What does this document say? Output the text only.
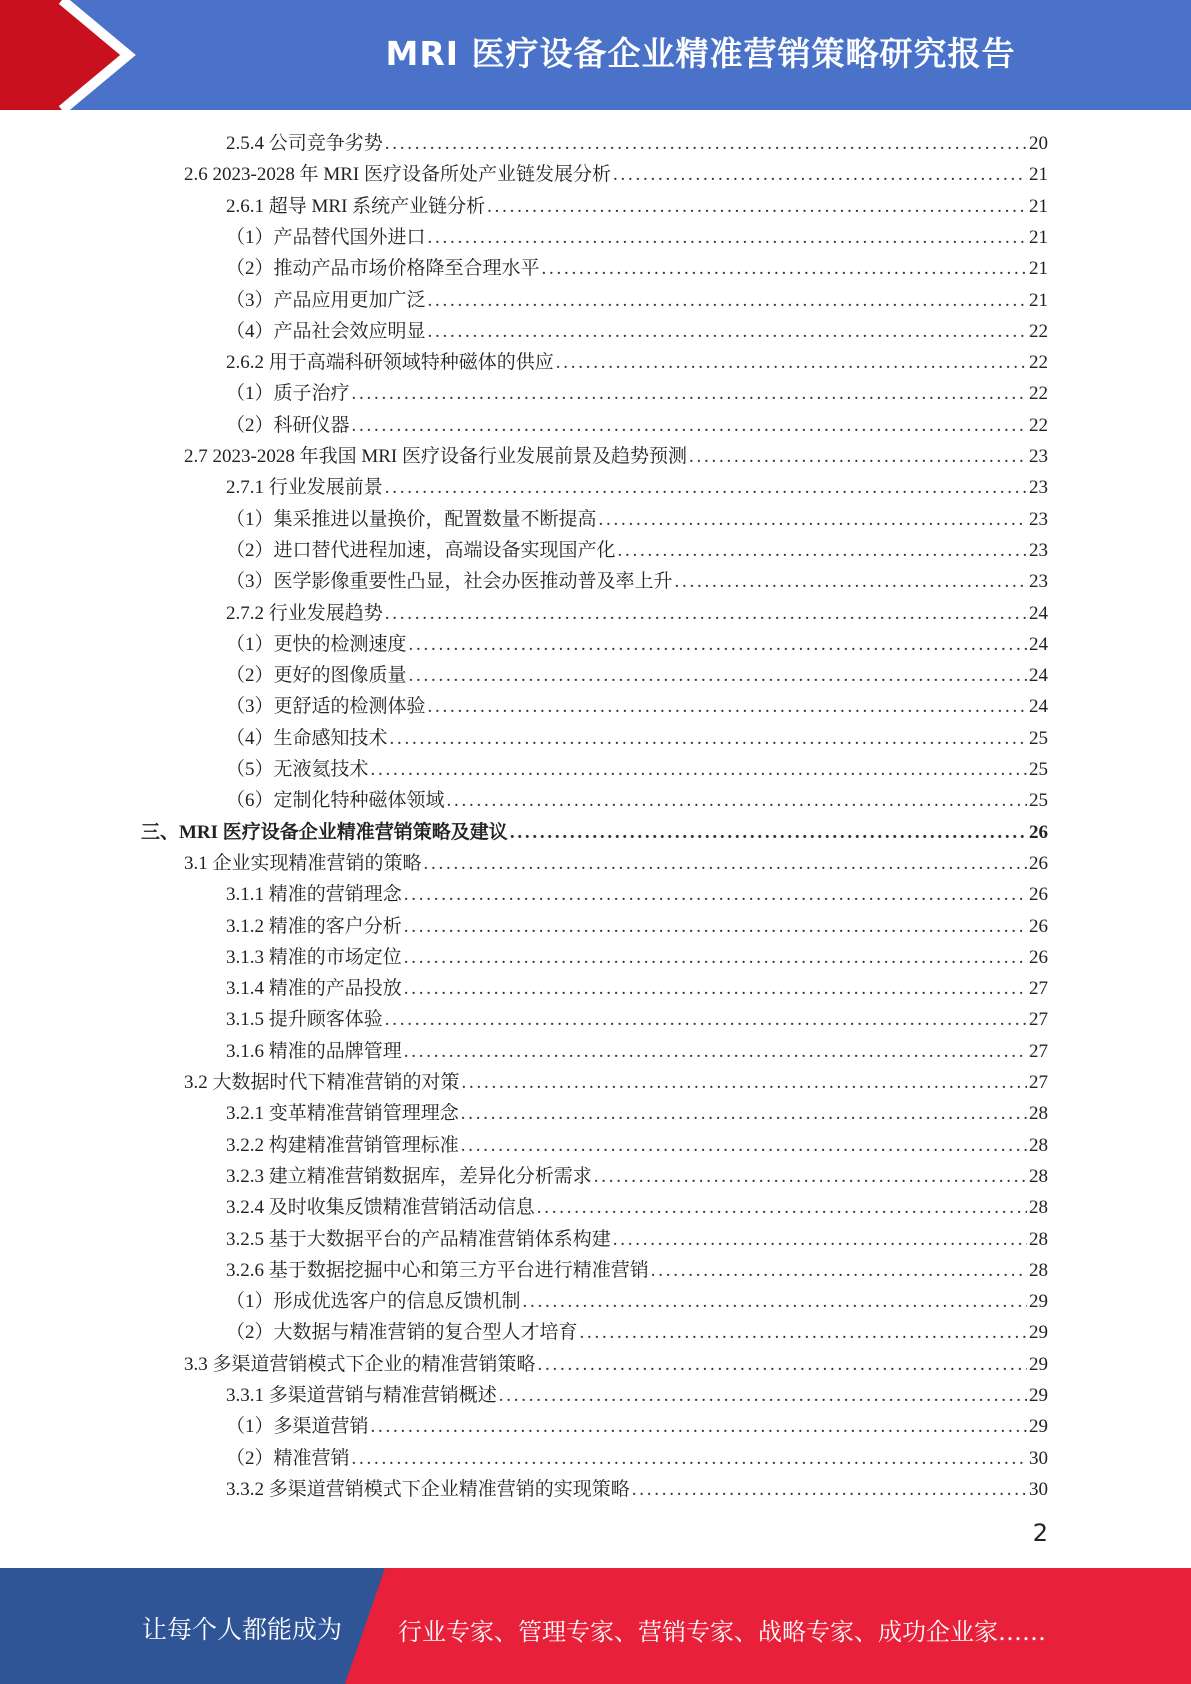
MRI 医疗设备企业精准营销策略研究报告
2.5.4 公司竞争劣势 . . .	20
2.6 2023-2028 年 MRI 医疗设备所处产业链发展分析 . . .	21
2.6.1 超导 MRI 系统产业链分析 . . .	21
（1）产品替代国外进口 . . .	21
（2）推动产品市场价格降至合理水平 . . .	21
（3）产品应用更加广泛 . . .	21
（4）产品社会效应明显 . . .	22
2.6.2 用于高端科研领域特种磁体的供应 . . .	22
（1）质子治疗 . . .	22
（2）科研仪器 . . .	22
2.7 2023-2028 年我国 MRI 医疗设备行业发展前景及趋势预测 . . .	23
2.7.1 行业发展前景 . . .	23
（1）集采推进以量换价，配置数量不断提高 . . .	23
（2）进口替代进程加速，高端设备实现国产化 . . .	23
（3）医学影像重要性凸显，社会办医推动普及率上升 . . .	23
2.7.2 行业发展趋势 . . .	24
（1）更快的检测速度 . . .	24
（2）更好的图像质量 . . .	24
（3）更舒适的检测体验 . . .	24
（4）生命感知技术 . . .	25
（5）无液氦技术 . . .	25
（6）定制化特种磁体领域 . . .	25
三、MRI 医疗设备企业精准营销策略及建议 . . .	26
3.1 企业实现精准营销的策略 . . .	26
3.1.1 精准的营销理念 . . .	26
3.1.2 精准的客户分析 . . .	26
3.1.3 精准的市场定位 . . .	26
3.1.4 精准的产品投放 . . .	27
3.1.5 提升顾客体验 . . .	27
3.1.6 精准的品牌管理 . . .	27
3.2 大数据时代下精准营销的对策 . . .	27
3.2.1 变革精准营销管理理念 . . .	28
3.2.2 构建精准营销管理标准 . . .	28
3.2.3 建立精准营销数据库，差异化分析需求 . . .	28
3.2.4 及时收集反馈精准营销活动信息 . . .	28
3.2.5 基于大数据平台的产品精准营销体系构建 . . .	28
3.2.6 基于数据挖掘中心和第三方平台进行精准营销 . . .	28
（1）形成优选客户的信息反馈机制 . . .	29
（2）大数据与精准营销的复合型人才培育 . . .	29
3.3 多渠道营销模式下企业的精准营销策略 . . .	29
3.3.1 多渠道营销与精准营销概述 . . .	29
（1）多渠道营销 . . .	29
（2）精准营销 . . .	30
3.3.2 多渠道营销模式下企业精准营销的实现策略 . . .	30
2
让每个人都能成为 行业专家、管理专家、营销专家、战略专家、成功企业家……
